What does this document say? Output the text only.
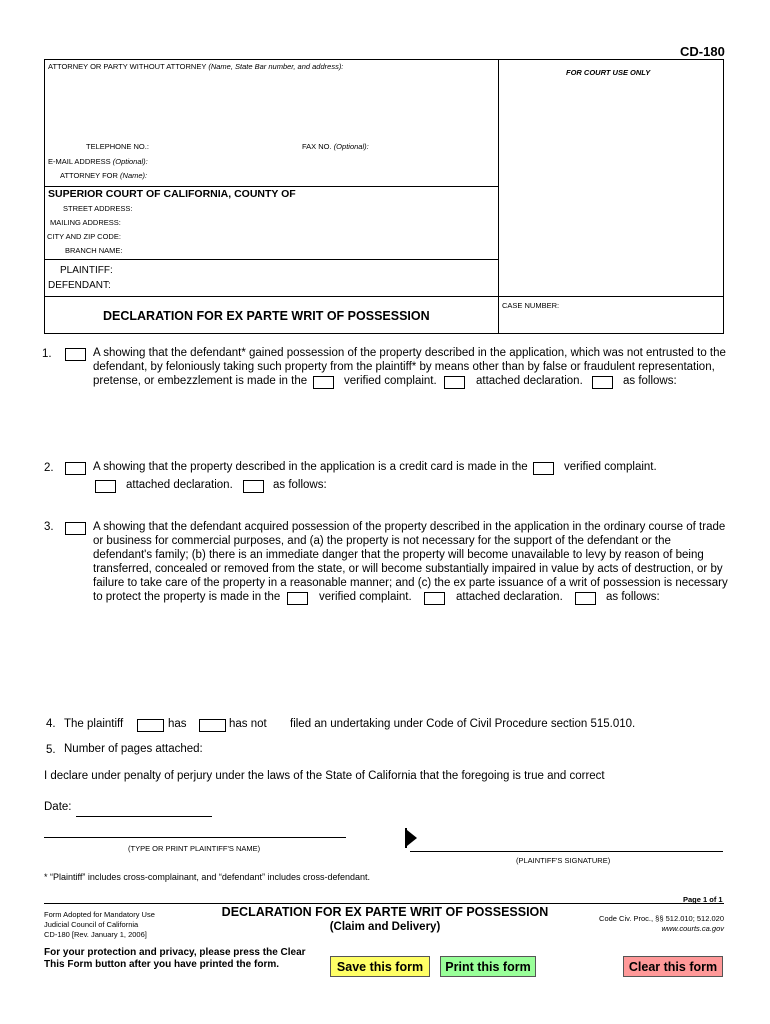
CD-180
ATTORNEY OR PARTY WITHOUT ATTORNEY (Name, State Bar number, and address):
FOR COURT USE ONLY
TELEPHONE NO.:	FAX NO. (Optional):
E-MAIL ADDRESS (Optional):
ATTORNEY FOR (Name):
SUPERIOR COURT OF CALIFORNIA, COUNTY OF
STREET ADDRESS:
MAILING ADDRESS:
CITY AND ZIP CODE:
BRANCH NAME:
PLAINTIFF:
DEFENDANT:
DECLARATION FOR EX PARTE WRIT OF POSSESSION
CASE NUMBER:
1.	A showing that the defendant* gained possession of the property described in the application, which was not entrusted to the
defendant, by feloniously taking such property from the plaintiff* by means other than by false or fraudulent representation,
pretense, or embezzlement is made in the	verified complaint.	attached declaration.	as follows:
2.	A showing that the property described in the application is a credit card is made in the	verified complaint.
attached declaration.	as follows:
3.	A showing that the defendant acquired possession of the property described in the application in the ordinary course of trade
or business for commercial purposes, and (a) the property is not necessary for the support of the defendant or the
defendant's family; (b) there is an immediate danger that the property will become unavailable to levy by reason of being
transferred, concealed or removed from the state, or will become substantially impaired in value by acts of destruction, or by
failure to take care of the property in a reasonable manner; and (c) the ex parte issuance of a writ of possession is necessary
to protect the property is made in the	verified complaint.	attached declaration.	as follows:
4. The plaintiff	has	has not filed an undertaking under Code of Civil Procedure section 515.010.
5. Number of pages attached:
I declare under penalty of perjury under the laws of the State of California that the foregoing is true and correct
Date:
(TYPE OR PRINT PLAINTIFF'S NAME)
(PLAINTIFF'S SIGNATURE)
* “Plaintiff” includes cross-complainant, and “defendant” includes cross-defendant.
Page 1 of 1
Form Adopted for Mandatory Use
Judicial Council of California
CD-180 [Rev. January 1, 2006]
DECLARATION FOR EX PARTE WRIT OF POSSESSION
(Claim and Delivery)
Code Civ. Proc., §§ 512.010; 512.020
www.courts.ca.gov
For your protection and privacy, please press the Clear
This Form button after you have printed the form.	Save this form	Print this form	Clear this form
